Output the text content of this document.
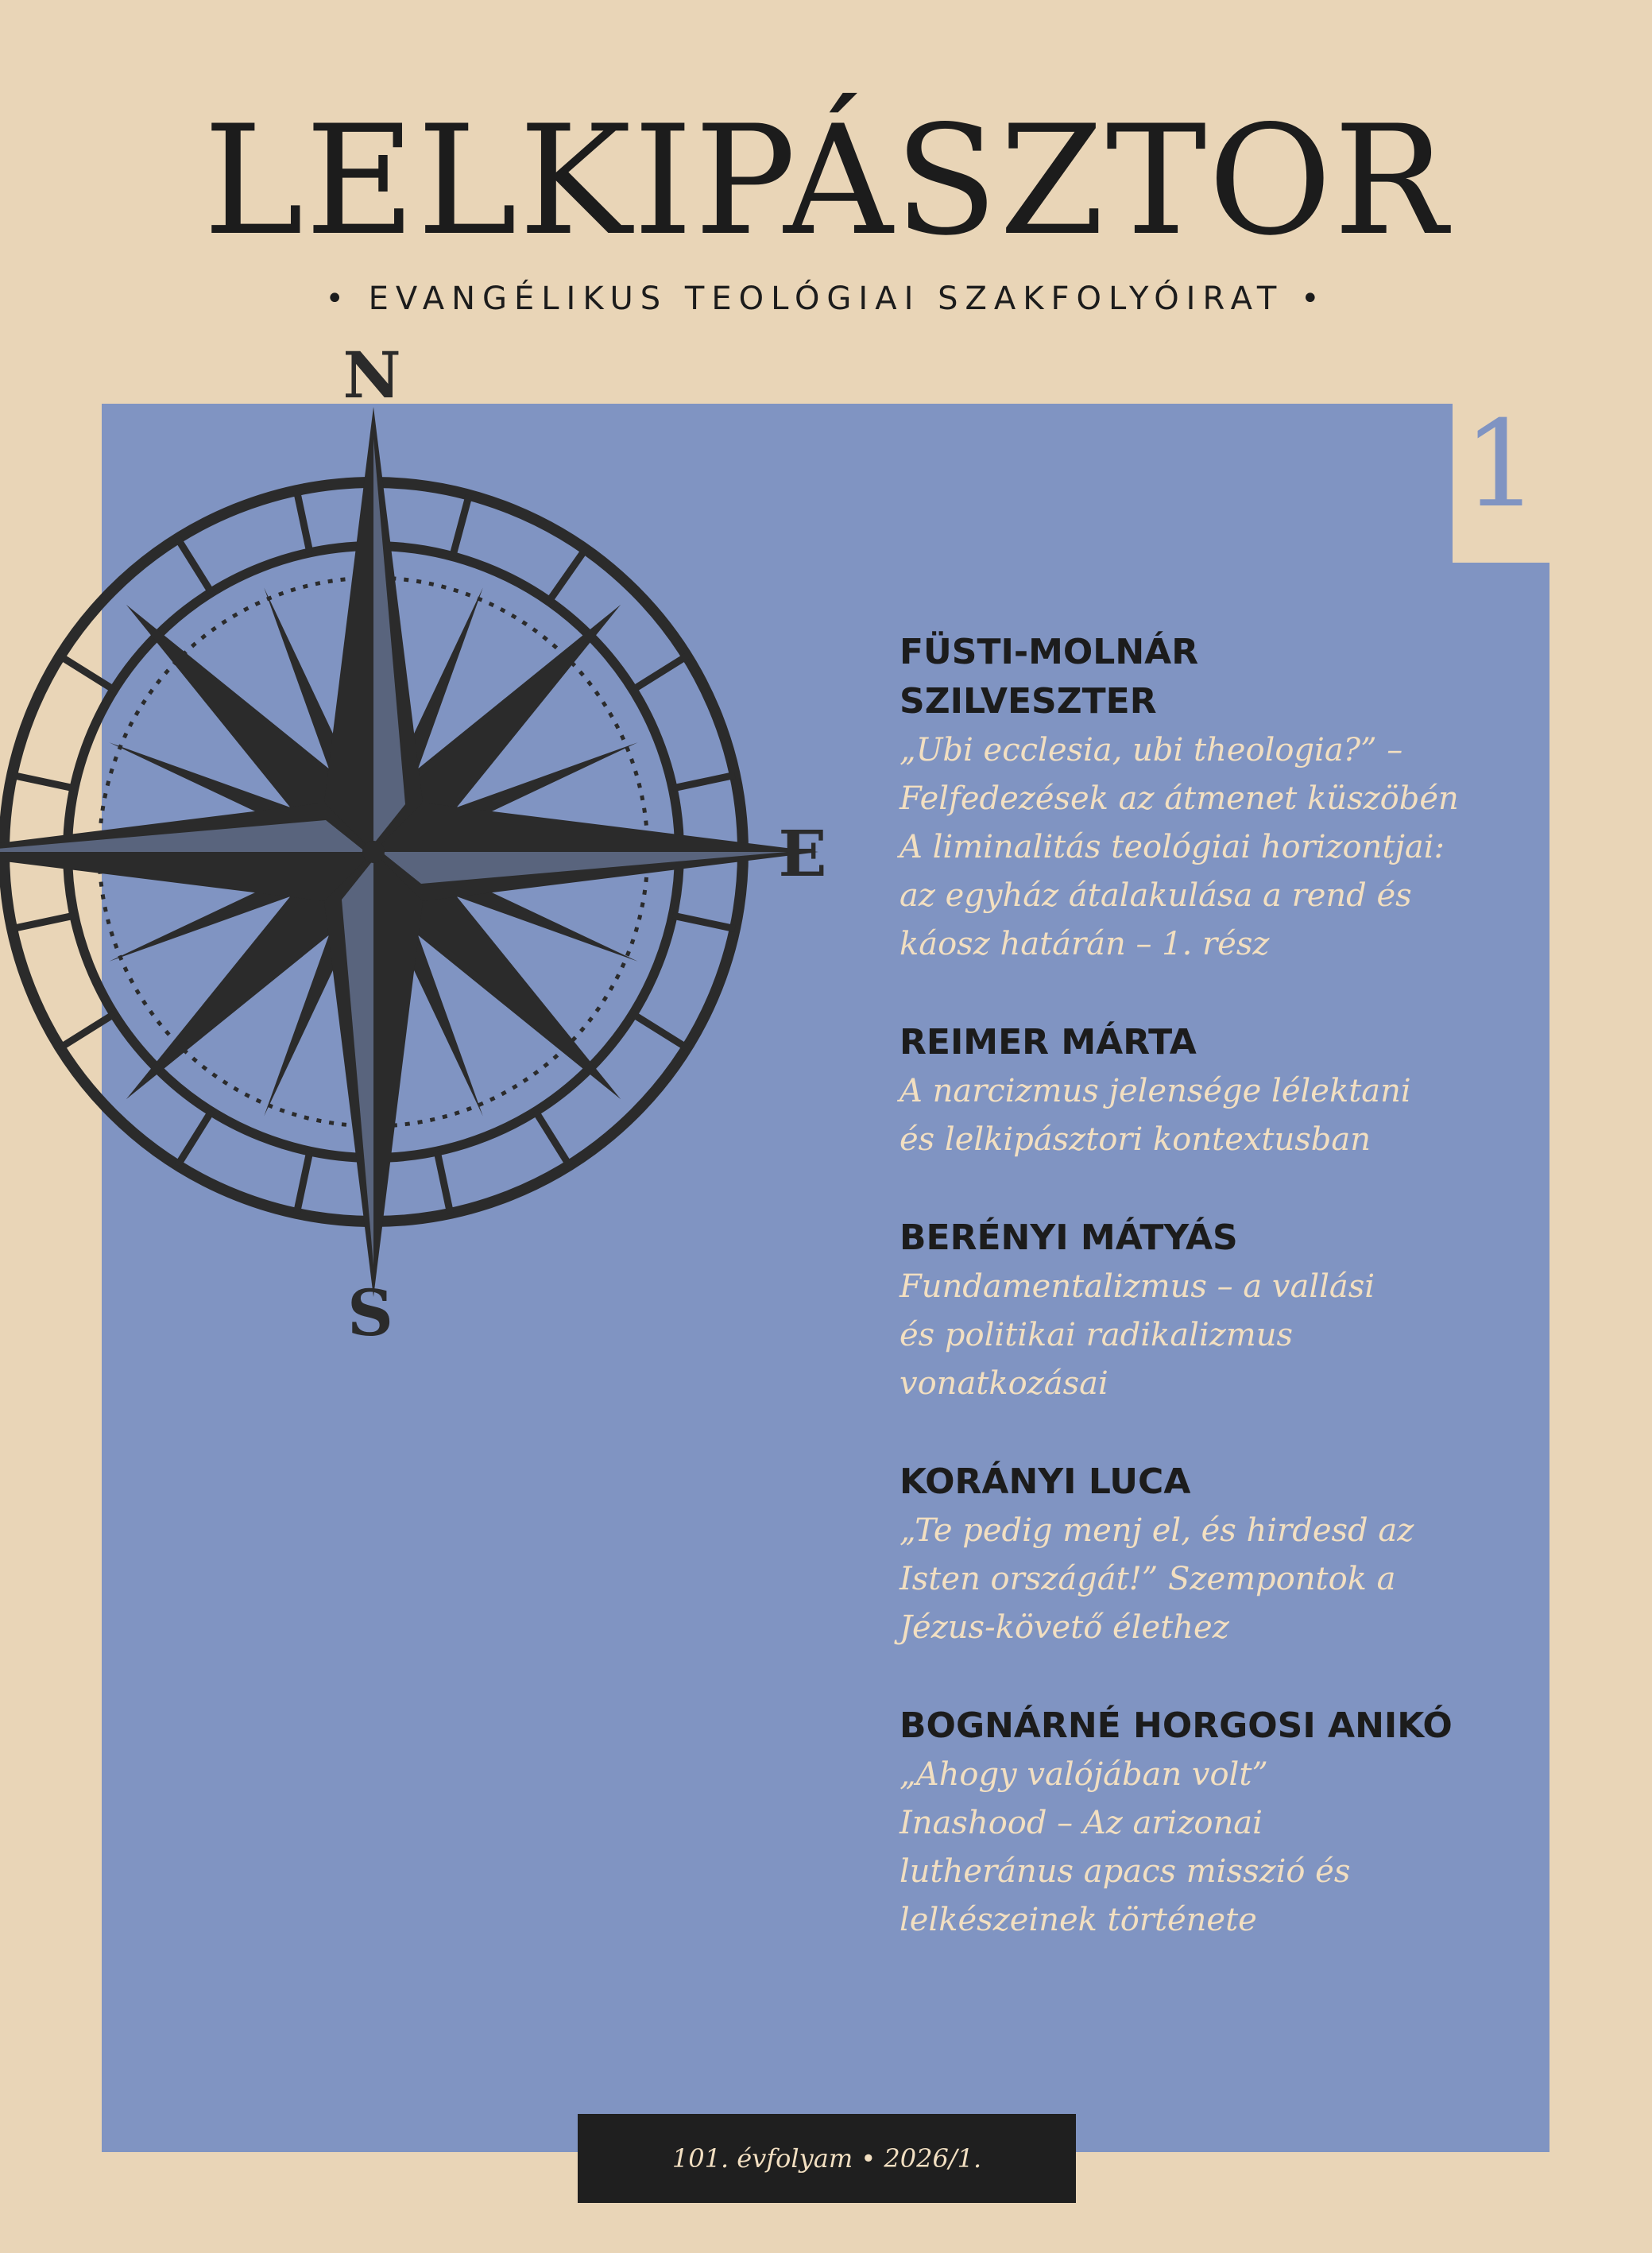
LELKIPÁSZTOR
• EVANGÉLIKUS TEOLÓGIAI SZAKFOLYÓIRAT •
1
N
E
S
FÜSTI-MOLNÁR
SZILVESZTER
„Ubi ecclesia, ubi theologia?” –
Felfedezések az átmenet küszöbén
A liminalitás teológiai horizontjai:
az egyház átalakulása a rend és
káosz határán – 1. rész
REIMER MÁRTA
A narcizmus jelensége lélektani
és lelkipásztori kontextusban
BERÉNYI MÁTYÁS
Fundamentalizmus – a vallási
és politikai radikalizmus
vonatkozásai
KORÁNYI LUCA
„Te pedig menj el, és hirdesd az
Isten országát!” Szempontok a
Jézus-követő élethez
BOGNÁRNÉ HORGOSI ANIKÓ
„Ahogy valójában volt”
Inashood – Az arizonai
lutheránus apacs misszió és
lelkészeinek története
101. évfolyam • 2026/1.
